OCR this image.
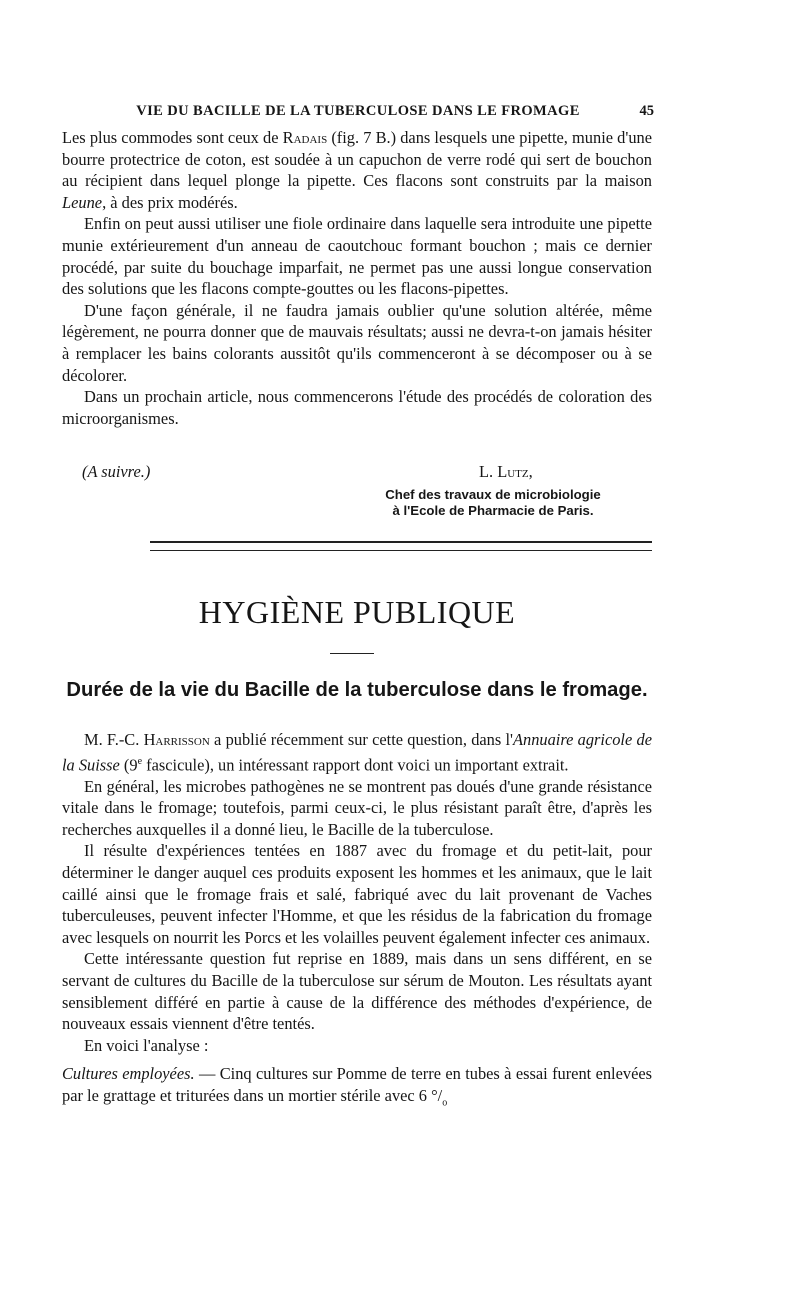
VIE DU BACILLE DE LA TUBERCULOSE DANS LE FROMAGE	45

Les plus commodes sont ceux de Radais (fig. 7 B.) dans lesquels une pipette, munie d'une bourre protectrice de coton, est soudée à un capuchon de verre rodé qui sert de bouchon au récipient dans lequel plonge la pipette. Ces flacons sont construits par la maison Leune, à des prix modérés.

Enfin on peut aussi utiliser une fiole ordinaire dans laquelle sera introduite une pipette munie extérieurement d'un anneau de caoutchouc formant bouchon ; mais ce dernier procédé, par suite du bouchage imparfait, ne permet pas une aussi longue conservation des solutions que les flacons compte-gouttes ou les flacons-pipettes.

D'une façon générale, il ne faudra jamais oublier qu'une solution altérée, même légèrement, ne pourra donner que de mauvais résultats; aussi ne devra-t-on jamais hésiter à remplacer les bains colorants aussitôt qu'ils commenceront à se décomposer ou à se décolorer.

Dans un prochain article, nous commencerons l'étude des procédés de coloration des microorganismes.

(A suivre.)	L. Lutz,
Chef des travaux de microbiologie
à l'Ecole de Pharmacie de Paris.
HYGIÈNE PUBLIQUE
Durée de la vie du Bacille de la tuberculose dans le fromage.

M. F.-C. Harrisson a publié récemment sur cette question, dans l'Annuaire agricole de la Suisse (9e fascicule), un intéressant rapport dont voici un important extrait.

En général, les microbes pathogènes ne se montrent pas doués d'une grande résistance vitale dans le fromage; toutefois, parmi ceux-ci, le plus résistant paraît être, d'après les recherches auxquelles il a donné lieu, le Bacille de la tuberculose.

Il résulte d'expériences tentées en 1887 avec du fromage et du petit-lait, pour déterminer le danger auquel ces produits exposent les hommes et les animaux, que le lait caillé ainsi que le fromage frais et salé, fabriqué avec du lait provenant de Vaches tuberculeuses, peuvent infecter l'Homme, et que les résidus de la fabrication du fromage avec lesquels on nourrit les Porcs et les volailles peuvent également infecter ces animaux.

Cette intéressante question fut reprise en 1889, mais dans un sens différent, en se servant de cultures du Bacille de la tuberculose sur sérum de Mouton. Les résultats ayant sensiblement différé en partie à cause de la différence des méthodes d'expérience, de nouveaux essais viennent d'être tentés.

En voici l'analyse :

Cultures employées. — Cinq cultures sur Pomme de terre en tubes à essai furent enlevées par le grattage et triturées dans un mortier stérile avec 6 $^\circ/_o$
